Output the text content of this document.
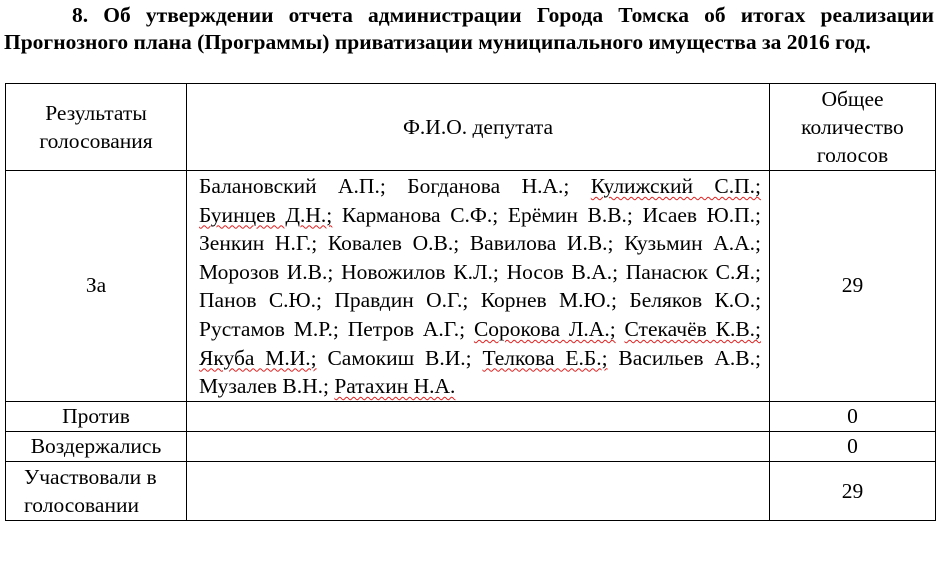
8. Об утверждении отчета администрации Города Томска об итогах реализации Прогнозного плана (Программы) приватизации муниципального имущества за 2016 год.
Результаты голосования	Ф.И.О. депутата	Общее количество голосов
За	Балановский А.П.; Богданова Н.А.; Кулижский С.П.; Буинцев Д.Н.; Карманова С.Ф.; Ерёмин В.В.; Исаев Ю.П.; Зенкин Н.Г.; Ковалев О.В.; Вавилова И.В.; Кузьмин А.А.; Морозов И.В.; Новожилов К.Л.; Носов В.А.; Панасюк С.Я.; Панов С.Ю.; Правдин О.Г.; Корнев М.Ю.; Беляков К.О.; Рустамов М.Р.; Петров А.Г.; Сорокова Л.А.; Стекачёв К.В.; Якуба М.И.; Самокиш В.И.; Телкова Е.Б.; Васильев А.В.; Музалев В.Н.; Ратахин Н.А.	29
Против		0
Воздержались		0
Участвовали в голосовании		29
